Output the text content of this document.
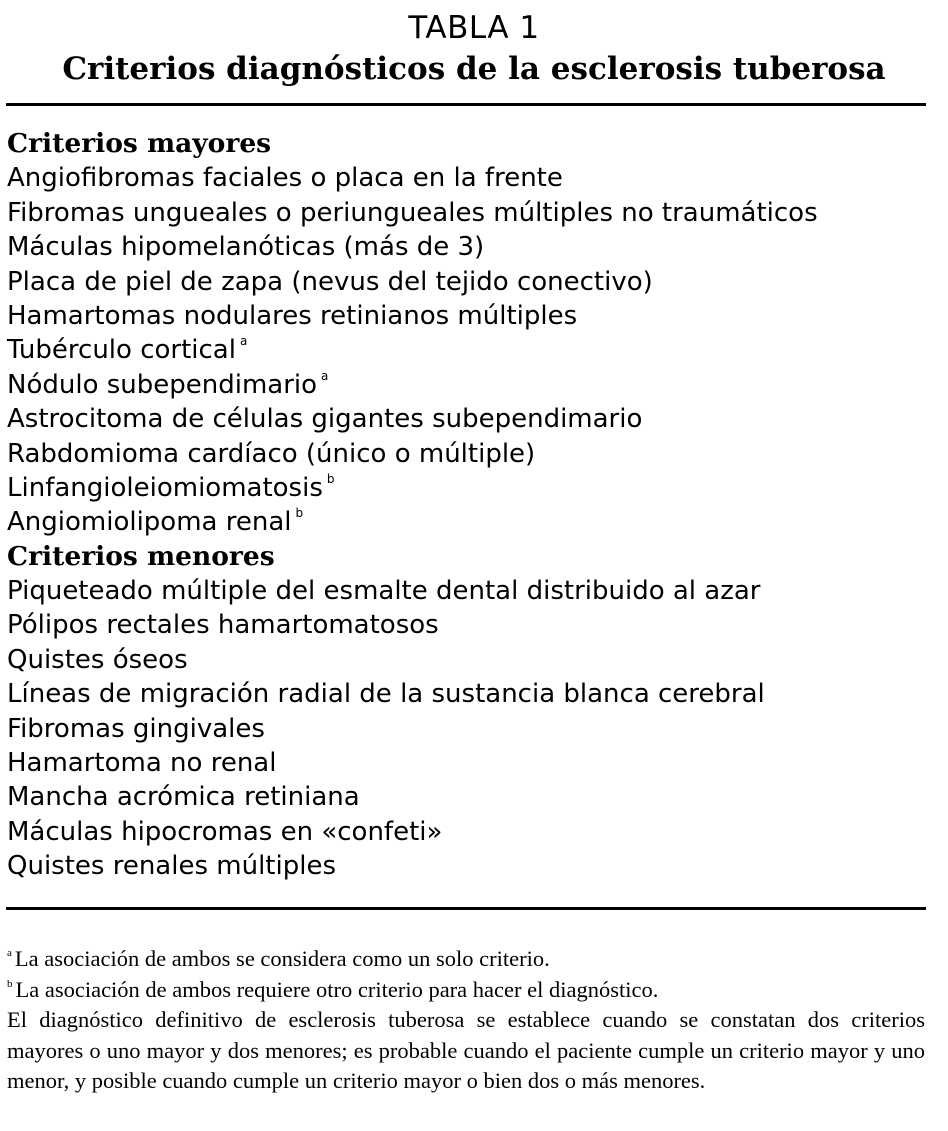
TABLA 1
Criterios diagnósticos de la esclerosis tuberosa
Criterios mayores
Angiofibromas faciales o placa en la frente
Fibromas ungueales o periungueales múltiples no traumáticos
Máculas hipomelanóticas (más de 3)
Placa de piel de zapa (nevus del tejido conectivo)
Hamartomas nodulares retinianos múltiples
Tubérculo cortical $^a$
Nódulo subependimario $^a$
Astrocitoma de células gigantes subependimario
Rabdomioma cardíaco (único o múltiple)
Linfangioleiomiomatosis $^b$
Angiomiolipoma renal $^b$
Criterios menores
Piqueteado múltiple del esmalte dental distribuido al azar
Pólipos rectales hamartomatosos
Quistes óseos
Líneas de migración radial de la sustancia blanca cerebral
Fibromas gingivales
Hamartoma no renal
Mancha acrómica retiniana
Máculas hipocromas en «confeti»
Quistes renales múltiples
$^a$ La asociación de ambos se considera como un solo criterio.
$^b$ La asociación de ambos requiere otro criterio para hacer el diagnóstico.
El diagnóstico definitivo de esclerosis tuberosa se establece cuando se constatan dos criterios mayores o uno mayor y dos menores; es probable cuando el paciente cumple un criterio mayor y uno menor, y posible cuando cumple un criterio mayor o bien dos o más menores.
